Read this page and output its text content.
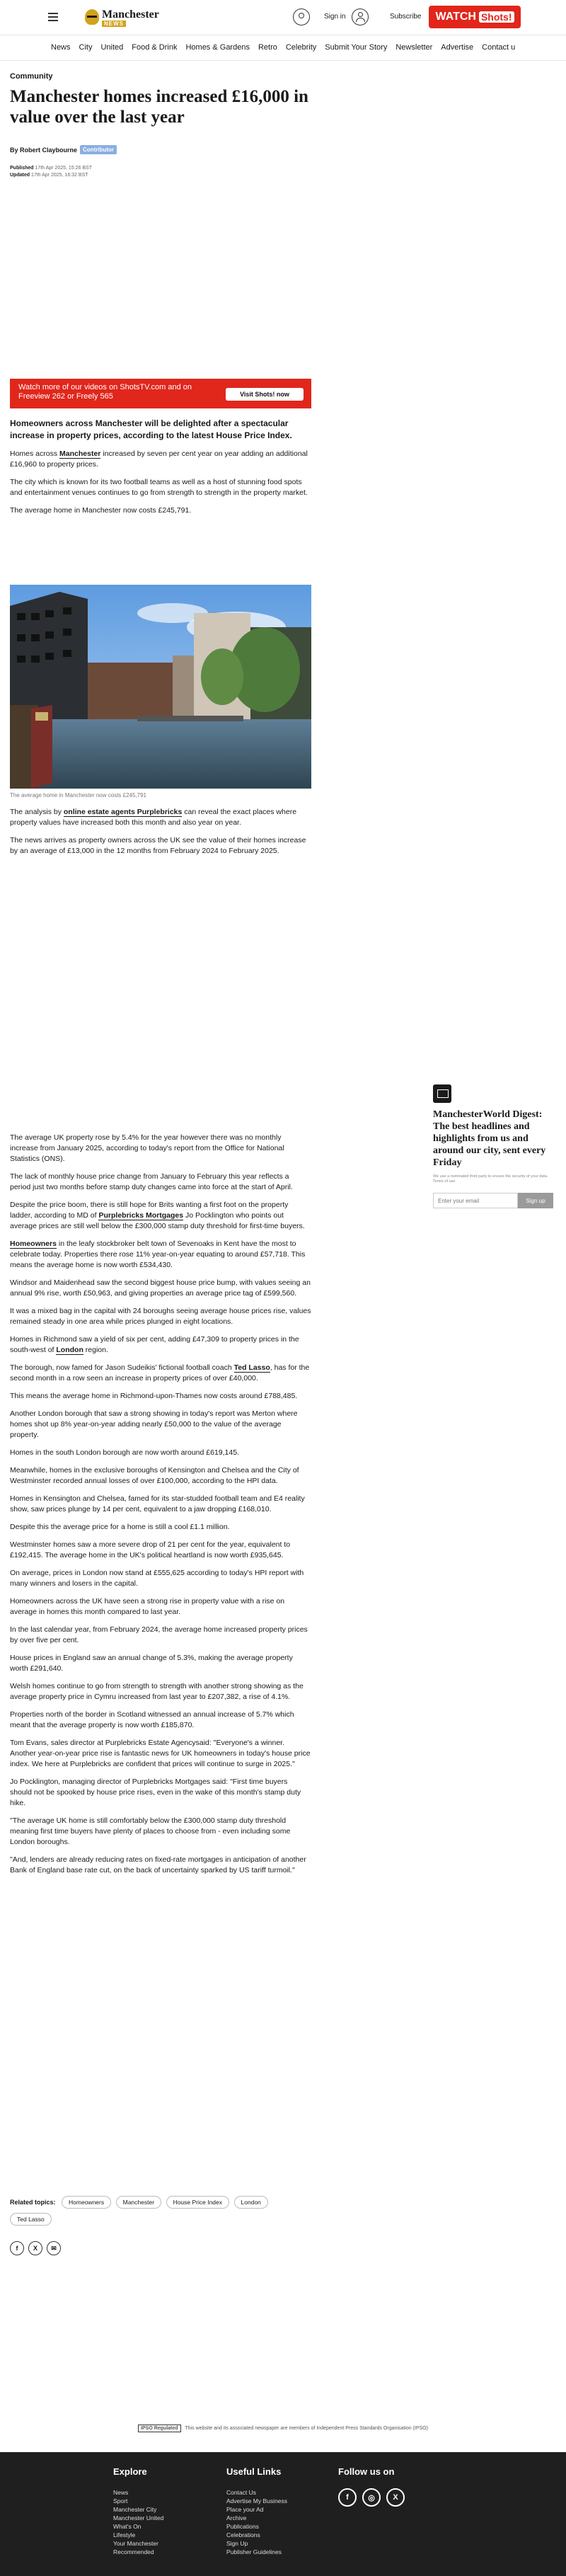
Manchester
NEWS
Sign in	Subscribe WATCH Shots!
News City United Food & Drink Homes & Gardens Retro Celebrity Submit Your Story Newsletter Advertise Contact u
Community
Manchester homes increased £16,000 in value over the last year
By Robert Claybourne	Contributor
Published 17th Apr 2025, 15:26 BST
Updated 17th Apr 2025, 16:32 BST
Watch more of our videos on ShotsTV.com and on Freeview 262 or Freely 565	Visit Shots! now

Homeowners across Manchester will be delighted after a spectacular increase in property prices, according to the latest House Price Index.

Homes across Manchester increased by seven per cent year on year adding an additional £16,960 to property prices.

The city which is known for its two football teams as well as a host of stunning food spots and entertainment venues continues to go from strength to strength in the property market.

The average home in Manchester now costs £245,791.

The average home in Manchester now costs £245,791

The analysis by online estate agents Purplebricks can reveal the exact places where property values have increased both this month and also year on year.

The news arrives as property owners across the UK see the value of their homes increase by an average of £13,000 in the 12 months from February 2024 to February 2025.

The average UK property rose by 5.4% for the year however there was no monthly increase from January 2025, according to today's report from the Office for National Statistics (ONS).

The lack of monthly house price change from January to February this year reflects a period just two months before stamp duty changes came into force at the start of April.

Despite the price boom, there is still hope for Brits wanting a first foot on the property ladder, according to MD of Purplebricks Mortgages Jo Pocklington who points out average prices are still well below the £300,000 stamp duty threshold for first-time buyers.

Homeowners in the leafy stockbroker belt town of Sevenoaks in Kent have the most to celebrate today. Properties there rose 11% year-on-year equating to around £57,718. This means the average home is now worth £534,430.

Windsor and Maidenhead saw the second biggest house price bump, with values seeing an annual 9% rise, worth £50,963, and giving properties an average price tag of £599,560.

It was a mixed bag in the capital with 24 boroughs seeing average house prices rise, values remained steady in one area while prices plunged in eight locations.

Homes in Richmond saw a yield of six per cent, adding £47,309 to property prices in the south-west of London region.

The borough, now famed for Jason Sudeikis' fictional football coach Ted Lasso, has for the second month in a row seen an increase in property prices of over £40,000.

This means the average home in Richmond-upon-Thames now costs around £788,485.

Another London borough that saw a strong showing in today's report was Merton where homes shot up 8% year-on-year adding nearly £50,000 to the value of the average property.

Homes in the south London borough are now worth around £619,145.

Meanwhile, homes in the exclusive boroughs of Kensington and Chelsea and the City of Westminster recorded annual losses of over £100,000, according to the HPI data.

Homes in Kensington and Chelsea, famed for its star-studded football team and E4 reality show, saw prices plunge by 14 per cent, equivalent to a jaw dropping £168,010.

Despite this the average price for a home is still a cool £1.1 million.

Westminster homes saw a more severe drop of 21 per cent for the year, equivalent to £192,415. The average home in the UK's political heartland is now worth £935,645.

On average, prices in London now stand at £555,625 according to today's HPI report with many winners and losers in the capital.

Homeowners across the UK have seen a strong rise in property value with a rise on average in homes this month compared to last year.

In the last calendar year, from February 2024, the average home increased property prices by over five per cent.

House prices in England saw an annual change of 5.3%, making the average property worth £291,640.

Welsh homes continue to go from strength to strength with another strong showing as the average property price in Cymru increased from last year to £207,382, a rise of 4.1%.

Properties north of the border in Scotland witnessed an annual increase of 5.7% which meant that the average property is now worth £185,870.

Tom Evans, sales director at Purplebricks Estate Agencysaid: "Everyone's a winner. Another year-on-year price rise is fantastic news for UK homeowners in today's house price index. We here at Purplebricks are confident that prices will continue to surge in 2025."

Jo Pocklington, managing director of Purplebricks Mortgages said: "First time buyers should not be spooked by house price rises, even in the wake of this month's stamp duty hike.

"The average UK home is still comfortably below the £300,000 stamp duty threshold meaning first time buyers have plenty of places to choose from - even including some London boroughs.

"And, lenders are already reducing rates on fixed-rate mortgages in anticipation of another Bank of England base rate cut, on the back of uncertainty sparked by US tariff turmoil."

ManchesterWorld Digest: The best headlines and highlights from us and around our city, sent every Friday
We use a nominated third party to ensure the security of your data. Terms of use
Enter your email	Sign up
Related topics: Homeowners	Manchester	House Price Index	London
Ted Lasso
f	X	✉
IPSO Regulated This website and its associated newspaper are members of Independent Press Standards Organisation (IPSO)
Explore
News
Sport
Manchester City
Manchester United
What's On
Lifestyle
Your Manchester
Recommended
Useful Links
Contact Us
Advertise My Business
Place your Ad
Archive
Publications
Celebrations
Sign Up
Publisher Guidelines
Follow us on
f	◎	X
